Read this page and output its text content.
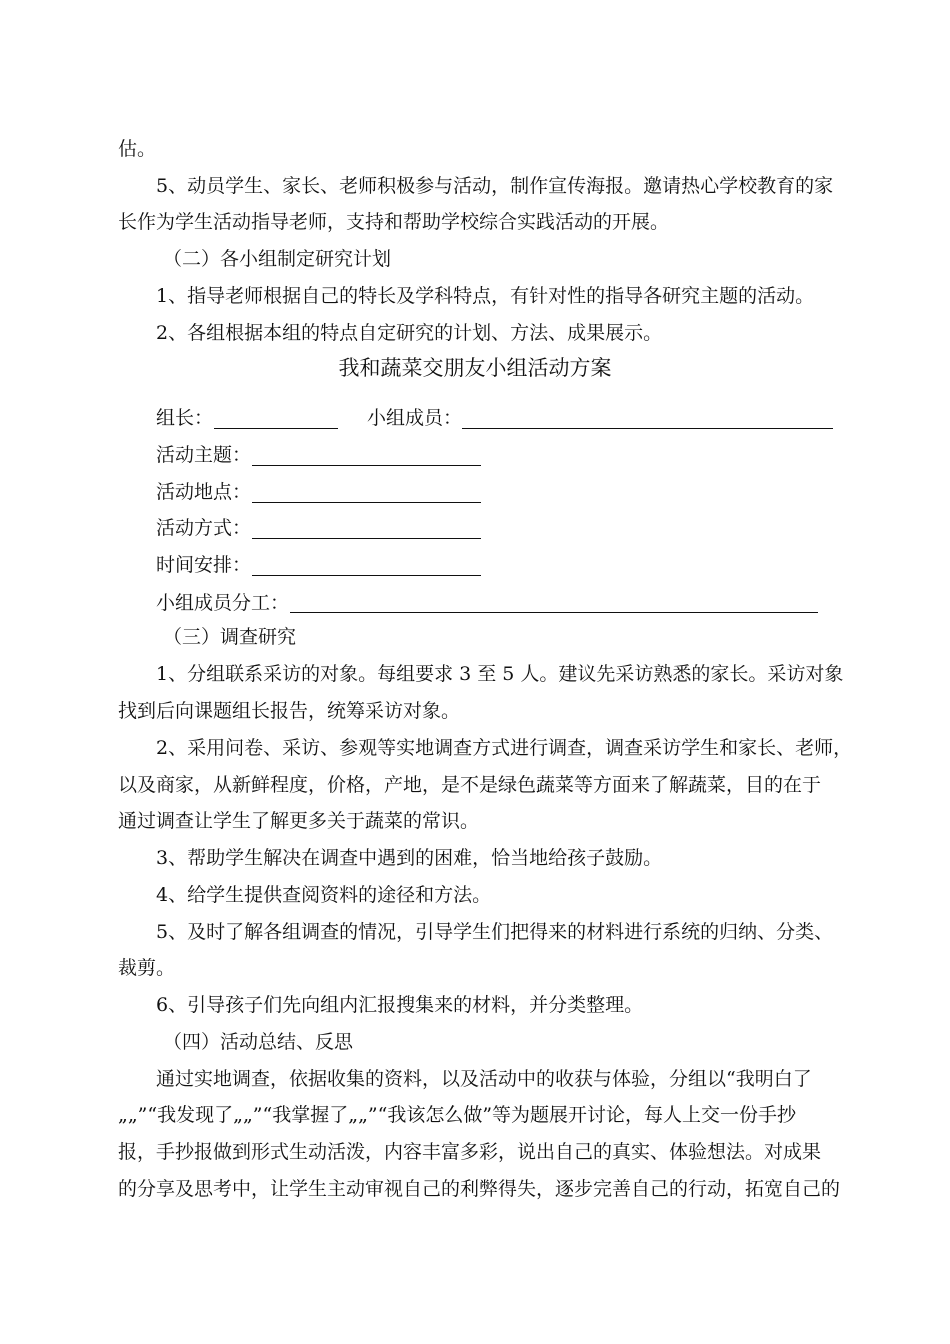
估。
5、动员学生、家长、老师积极参与活动，制作宣传海报。邀请热心学校教育的家
长作为学生活动指导老师，支持和帮助学校综合实践活动的开展。
（二）各小组制定研究计划
1、指导老师根据自己的特长及学科特点，有针对性的指导各研究主题的活动。
2、各组根据本组的特点自定研究的计划、方法、成果展示。
我和蔬菜交朋友小组活动方案
组长：	小组成员：
活动主题：
活动地点：
活动方式：
时间安排：
小组成员分工：
（三）调查研究
1、分组联系采访的对象。每组要求 3 至 5 人。建议先采访熟悉的家长。采访对象
找到后向课题组长报告，统筹采访对象。
2、采用问卷、采访、参观等实地调查方式进行调查，调查采访学生和家长、老师，
以及商家，从新鲜程度，价格，产地，是不是绿色蔬菜等方面来了解蔬菜，目的在于
通过调查让学生了解更多关于蔬菜的常识。
3、帮助学生解决在调查中遇到的困难，恰当地给孩子鼓励。
4、给学生提供查阅资料的途径和方法。
5、及时了解各组调查的情况，引导学生们把得来的材料进行系统的归纳、分类、
裁剪。
6、引导孩子们先向组内汇报搜集来的材料，并分类整理。
（四）活动总结、反思
通过实地调查，依据收集的资料，以及活动中的收获与体验，分组以“我明白了
„„”“我发现了„„”“我掌握了„„”“我该怎么做”等为题展开讨论，每人上交一份手抄
报，手抄报做到形式生动活泼，内容丰富多彩，说出自己的真实、体验想法。对成果
的分享及思考中，让学生主动审视自己的利弊得失，逐步完善自己的行动，拓宽自己的
